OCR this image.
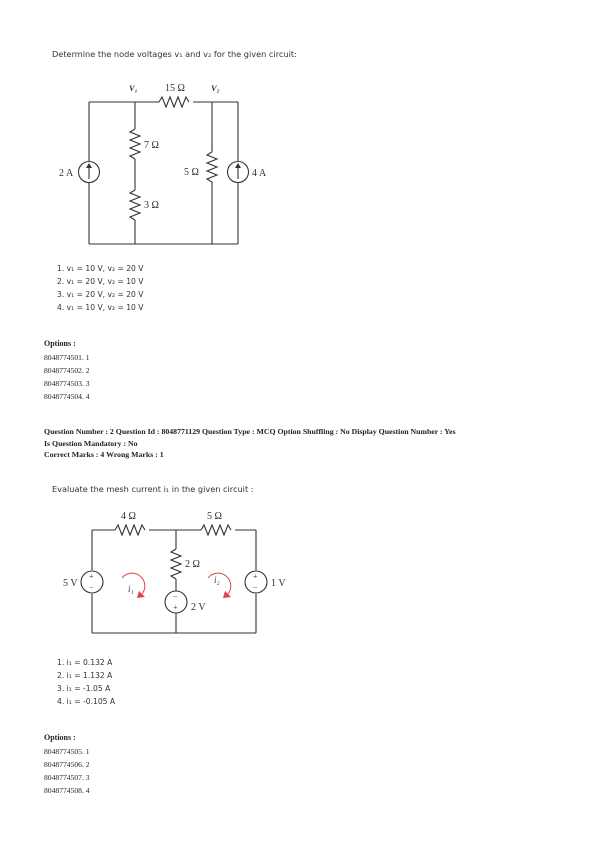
Determine the node voltages v₁ and v₂ for the given circuit:
V₁	15 Ω	V₂
7 Ω
3 Ω
5 Ω
2 A	4 A
1. v₁ = 10 V, v₂ = 20 V
2. v₁ = 20 V, v₂ = 10 V
3. v₁ = 20 V, v₂ = 20 V
4. v₁ = 10 V, v₂ = 10 V
Options :
8048774501. 1
8048774502. 2
8048774503. 3
8048774504. 4
Question Number : 2 Question Id : 8048771129 Question Type : MCQ Option Shuffling : No Display Question Number : Yes
Is Question Mandatory : No
Correct Marks : 4 Wrong Marks : 1
Evaluate the mesh current i₁ in the given circuit :
+
−
−
+
+
−
4 Ω	5 Ω
2 Ω
5 V
2 V
1 V
i₁
i₂
1. i₁ = 0.132 A
2. i₁ = 1.132 A
3. i₁ = -1.05 A
4. i₁ = -0.105 A
Options :
8048774505. 1
8048774506. 2
8048774507. 3
8048774508. 4
